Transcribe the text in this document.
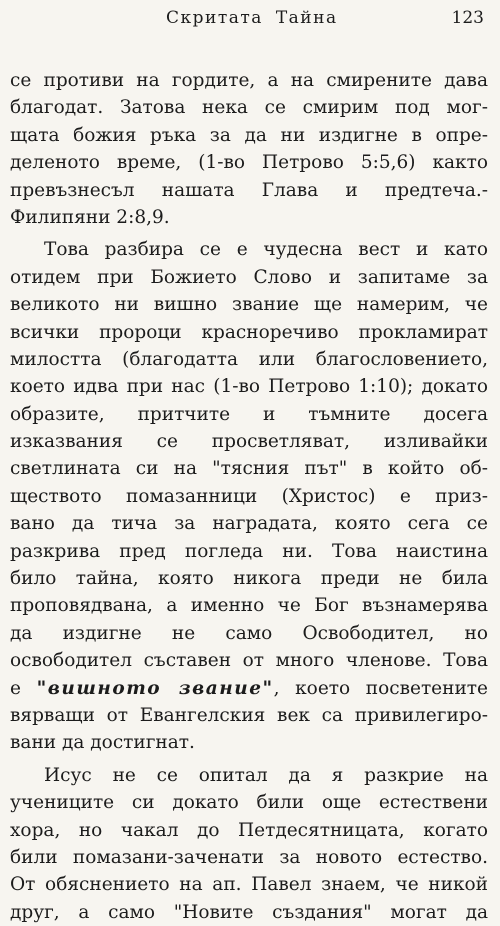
Скритата Тайна	123
се противи на гордите, а на смирените дава
благодат. Затова нека се смирим под мог-
щата божия ръка за да ни издигне в опре-
деленото време, (1-во Петрово 5:5,6) както
превъзнесъл нашата Глава и предтеча.-
Филипяни 2:8,9.
Това разбира се е чудесна вест и като
отидем при Божието Слово и запитаме за
великото ни вишно звание ще намерим, че
всички пророци красноречиво прокламират
милостта (благодатта или благословението,
което идва при нас (1-во Петрово 1:10); докато
образите, притчите и тъмните досега
изказвания се просветляват, изливайки
светлината си на "тясния път" в който об-
ществото помазанници (Христос) е приз-
вано да тича за наградата, която сега се
разкрива пред погледа ни. Това наистина
било тайна, която никога преди не била
проповядвана, а именно че Бог възнамерява
да издигне не само Освободител, но
освободител съставен от много членове. Това
е "вишното звание", което посветените
вярващи от Евангелския век са привилегиро-
вани да достигнат.
Исус не се опитал да я разкрие на
учениците си докато били още естествени
хора, но чакал до Петдесятницата, когато
били помазани-заченати за новото естество.
От обяснението на ап. Павел знаем, че никой
друг, а само "Новите създания" могат да
